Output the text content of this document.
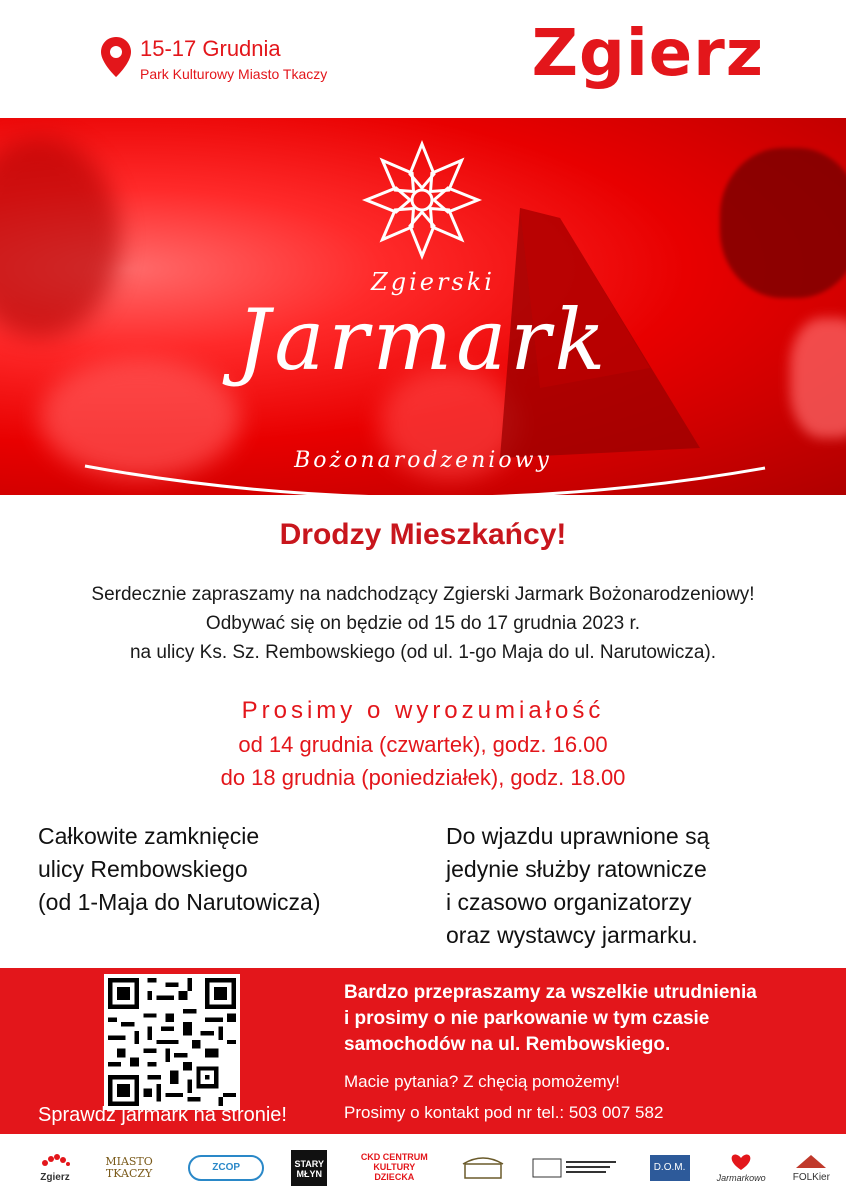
15-17 Grudnia
Park Kulturowy Miasto Tkaczy	Zgierz
Zgierski
Jarmark
Bożonarodzeniowy
Drodzy Mieszkańcy!
Serdecznie zapraszamy na nadchodzący Zgierski Jarmark Bożonarodzeniowy!
Odbywać się on będzie od 15 do 17 grudnia 2023 r.
na ulicy Ks. Sz. Rembowskiego (od ul. 1-go Maja do ul. Narutowicza).
Prosimy o wyrozumiałość
od 14 grudnia (czwartek), godz. 16.00
do 18 grudnia (poniedziałek), godz. 18.00
Całkowite zamknięcie
ulicy Rembowskiego
(od 1-Maja do Narutowicza)
Do wjazdu uprawnione są
jedynie służby ratownicze
i czasowo organizatorzy
oraz wystawcy jarmarku.
Sprawdź jarmark na stronie!
Bardzo przepraszamy za wszelkie utrudnienia
i prosimy o nie parkowanie w tym czasie
samochodów na ul. Rembowskiego.
Macie pytania? Z chęcią pomożemy!
Prosimy o kontakt pod nr tel.: 503 007 582
Zgierz
MIASTO TKACZY	ZCOP	STARY MŁYN
CKD CENTRUM KULTURY DZIECKA
D.O.M.
Jarmarkowo	FOLKier
